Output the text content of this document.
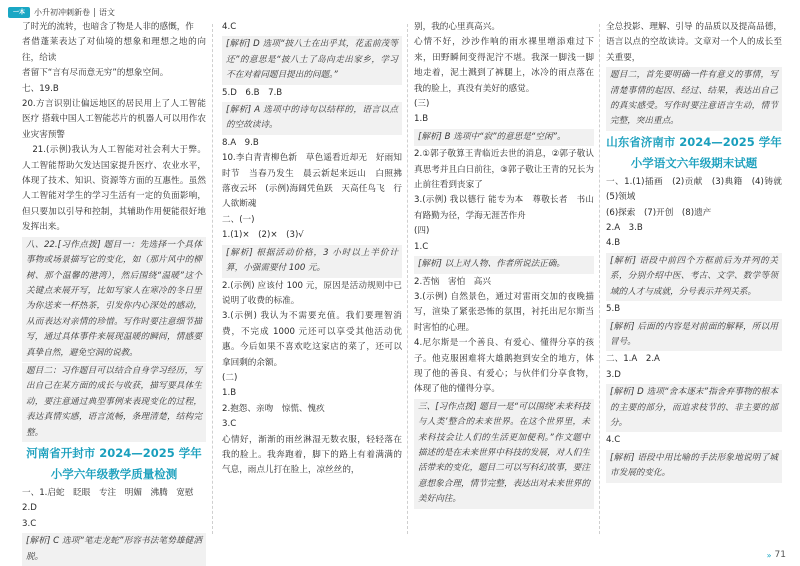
一本	小升初冲刺新卷 语文

了时光的流转，也暗含了物是人非的感慨，作

者借蓬莱表达了对仙境的想象和理想之地的向往，给读

者留下“言有尽而意无穷”的想象空间。

七、19.B

20.方言识别让偏远地区的居民用上了人工智能医疗 搭载中国人工智能芯片的机器人可以用作农业灾害预警

21.(示例)我认为人工智能对社会利大于弊。人工智能帮助欠发达国家提升医疗、农业水平，体现了技术、知识、资源等方面的互惠性。虽然人工智能对学生的学习生活有一定的负面影响，但只要加以引导和控制，其辅助作用便能很好地发挥出来。

八、22.[习作点拨] 题目一：先选择一个具体事物或场景描写它的变化，如（那片风中的柳树、那个温馨的港湾），然后围绕“温暖”这个关键点来展开写，比如写家人在寒冷的冬日里为你送来一杯热茶，引发你内心深处的感动，从而表达对亲情的珍惜。写作时要注意细节描写，通过具体事件来展现温暖的瞬间，情感要真挚自然，避免空洞的说教。

题目二：习作题目可以结合自身学习经历，写出自己在某方面的成长与收获，描写要具体生动，要注意通过典型事例来表现变化的过程，表达真情实感，语言流畅，条理清楚，结构完整。

河南省开封市 2024—2025 学年
小学六年级教学质量检测

一、1.启蛇　眨眼　专注　明媚　沸腾　宽慰

2.D

3.C

[解析] C 选项“笔走龙蛇”形容书法笔势雄健洒脱。

4.C

[解析] D 选项“披八土在出乎其，花孟前茂等还”的意思是“披八土了岛向走出家乡，学习不在对着同题目提出的问题。”

5.D　6.B　7.B

[解析] A 选项中的诗句以结样的，语言以点的空故读诗。

8.A　9.B

10.李白青青柳色新　草色遥看近却无　好雨知时节　当春乃发生　晨云新起来远山　白照拂落夜云坏　(示例)海阔凭鱼跃　天高任鸟飞　行人欲断魂

二、(一)

1.(1)×　(2)×　(3)√

[解析] 根据活动价格，3 小时以上半价计算，小强需要付 100 元。

2.(示例) 应该付 100 元，原因是活动规则中已说明了收费的标准。

3.(示例) 我认为不需要充值。我们要理智消费，不完成 1000 元还可以享受其他活动优惠。今后如果不喜欢吃这家店的菜了，还可以拿回剩的余额。

(二)

1.B

2.抱怨、亲吻　惊慌、愧疚

3.C

心情好，渐渐的雨丝淋湿无数衣服，轻轻落在我的脸上。我奔跑着，脚下的路上有着满满的气息，雨点儿打在脸上，凉丝丝的，

别，我的心里真高兴。

心情不好，沙沙作响的雨水裸里增添难过下来，田野瞬间变得泥泞不堪。我深一脚浅一脚地走着，泥土溅到了裤腿上，冰冷的雨点落在我的脸上，真没有美好的感觉。

(三)

1.B

[解析] B 选项中“寂”的意思是“空闲”。

2.①郭子敬算王青临近去世的消息，②郭子敬认真思考并且白日前往，③郭子敬让王青的兄长为止前往看到丧家了

3.(示例) 我以德行 能专为本　尊敬长者　书山有路勤为径，学海无涯苦作舟

(四)

1.C

[解析] 以上对人物、作者所说法正确。

2.苦恼　害怕　高兴

3.(示例) 自然景色，通过对雷雨交加的夜晚描写，渲染了紧张恐怖的氛围，衬托出尼尔斯当时害怕的心理。

4.尼尔斯是一个善良、有爱心、懂得分享的孩子。他克服困难将大雄鹅抱到安全的地方，体现了他的善良、有爱心；与伙伴们分享食物，体现了他的懂得分享。

三、[习作点拨] 题目一是“可以围绕‘未来科技与人类’整合的未来世界。在这个世界里，未来科技会让人们的生活更加便利。”作文题中描述的是在未来世界中科技的发展，对人们生活带来的变化，题目二可以写科幻故事，要注意想象合理，情节完整，表达出对未来世界的美好向往。

全总投影、理解、引导 的品质以及提高品德，语言以点的空故读诗。文章对一个人的成长至关重要，

题目二，首先要明确一件有意义的事情，写清楚事情的起因、经过、结果，表达出自己的真实感受。写作时要注意语言生动，情节完整，突出重点。

山东省济南市 2024—2025 学年
小学语文六年级期末试题

一、1.(1)插画　(2)贡献　(3)典籍　(4)铸就　(5)领域

(6)探索　(7)开创　(8)遗产

2.A　3.B

4.B

[解析] 语段中前四个方框前后为并列的关系，分别介绍中医、考古、文学、数学等领域的人才与成就，分号表示并列关系。

5.B

[解析] 后面的内容是对前面的解释，所以用冒号。

二、1.A　2.A

3.D

[解析] D 选项“舍本逐末”指舍弃事物的根本的主要的部分，而追求枝节的、非主要的部分。

4.C

[解析] 语段中用比喻的手法形象地说明了城市发展的变化。

» 71
